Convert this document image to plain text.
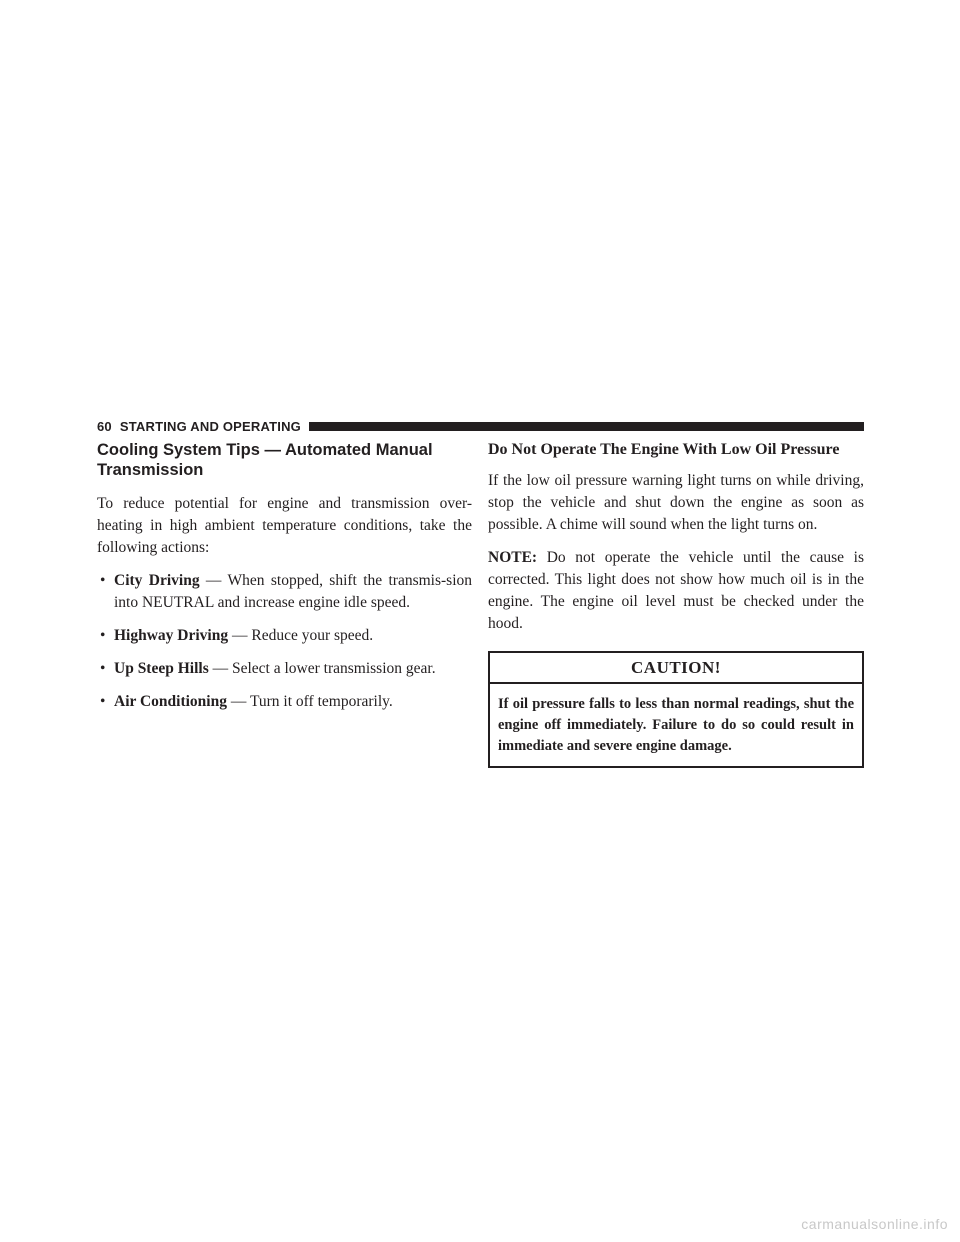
60 STARTING AND OPERATING
Cooling System Tips — Automated Manual Transmission

To reduce potential for engine and transmission over-heating in high ambient temperature conditions, take the following actions:

• City Driving — When stopped, shift the transmis-sion into NEUTRAL and increase engine idle speed.
• Highway Driving — Reduce your speed.
• Up Steep Hills — Select a lower transmission gear.
• Air Conditioning — Turn it off temporarily.
Do Not Operate The Engine With Low Oil Pressure

If the low oil pressure warning light turns on while driving, stop the vehicle and shut down the engine as soon as possible. A chime will sound when the light turns on.

NOTE: Do not operate the vehicle until the cause is corrected. This light does not show how much oil is in the engine. The engine oil level must be checked under the hood.

CAUTION!
If oil pressure falls to less than normal readings, shut the engine off immediately. Failure to do so could result in immediate and severe engine damage.
carmanualsonline.info
